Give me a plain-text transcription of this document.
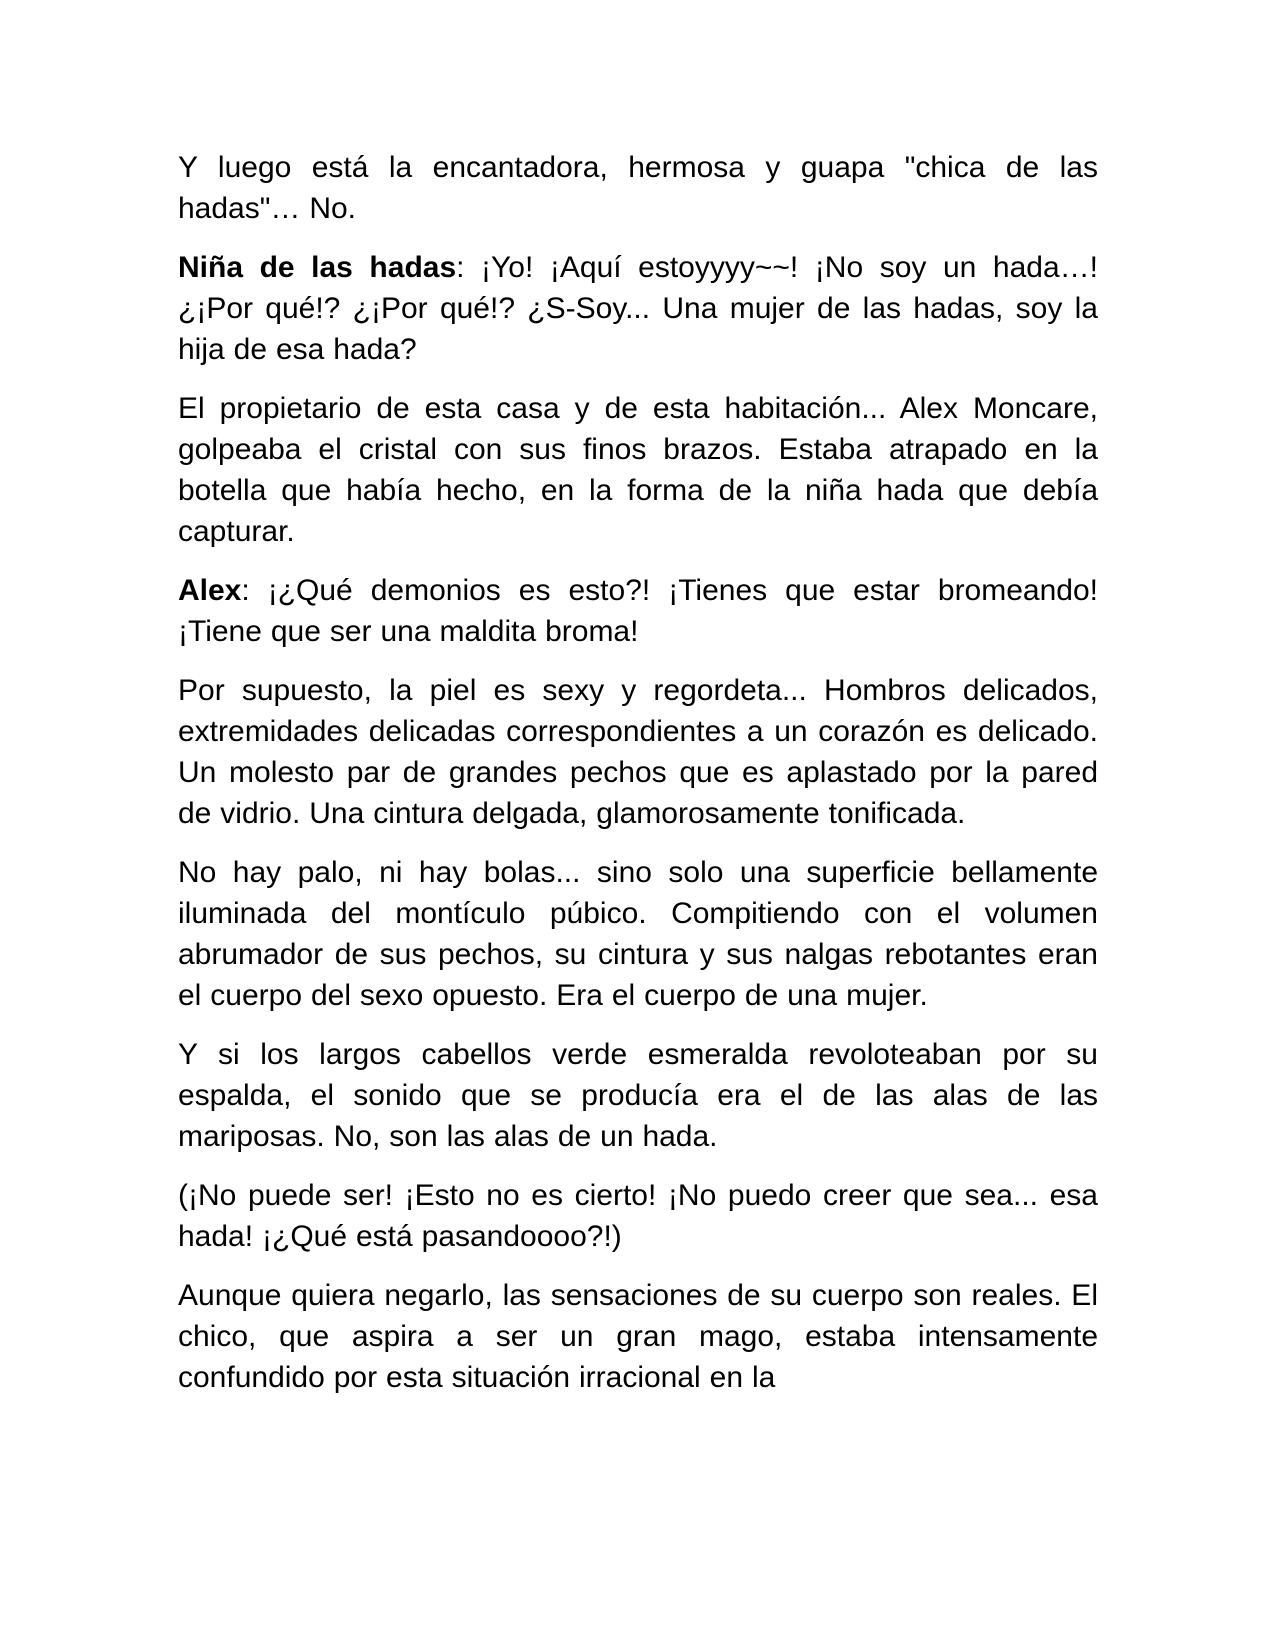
Y luego está la encantadora, hermosa y guapa "chica de las hadas"… No.

Niña de las hadas: ¡Yo! ¡Aquí estoyyyy~~! ¡No soy un hada…! ¿¡Por qué!? ¿¡Por qué!? ¿S-Soy... Una mujer de las hadas, soy la hija de esa hada?

El propietario de esta casa y de esta habitación... Alex Moncare, golpeaba el cristal con sus finos brazos. Estaba atrapado en la botella que había hecho, en la forma de la niña hada que debía capturar.

Alex: ¡¿Qué demonios es esto?! ¡Tienes que estar bromeando! ¡Tiene que ser una maldita broma!

Por supuesto, la piel es sexy y regordeta... Hombros delicados, extremidades delicadas correspondientes a un corazón es delicado. Un molesto par de grandes pechos que es aplastado por la pared de vidrio. Una cintura delgada, glamorosamente tonificada.

No hay palo, ni hay bolas... sino solo una superficie bellamente iluminada del montículo púbico. Compitiendo con el volumen abrumador de sus pechos, su cintura y sus nalgas rebotantes eran el cuerpo del sexo opuesto. Era el cuerpo de una mujer.

Y si los largos cabellos verde esmeralda revoloteaban por su espalda, el sonido que se producía era el de las alas de las mariposas. No, son las alas de un hada.

(¡No puede ser! ¡Esto no es cierto! ¡No puedo creer que sea... esa hada! ¡¿Qué está pasandoooo?!)

Aunque quiera negarlo, las sensaciones de su cuerpo son reales. El chico, que aspira a ser un gran mago, estaba intensamente confundido por esta situación irracional en la
